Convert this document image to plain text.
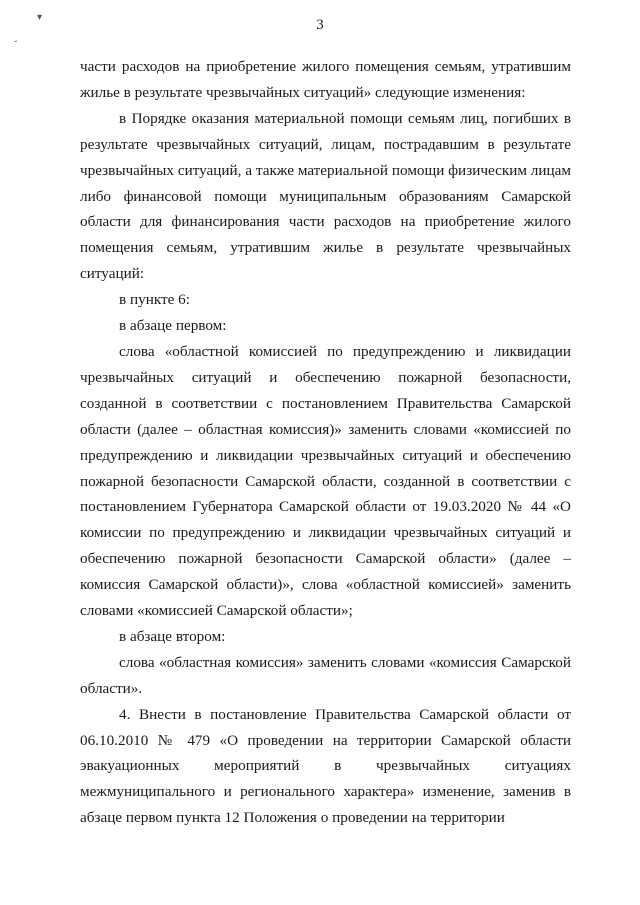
▾
ˇ
3

части расходов на приобретение жилого помещения семьям, утратившим жилье в результате чрезвычайных ситуаций» следующие изменения:

в Порядке оказания материальной помощи семьям лиц, погибших в результате чрезвычайных ситуаций, лицам, пострадавшим в результате чрезвычайных ситуаций, а также материальной помощи физическим лицам либо финансовой помощи муниципальным образованиям Самарской области для финансирования части расходов на приобретение жилого помещения семьям, утратившим жилье в результате чрезвычайных ситуаций:

в пункте 6:

в абзаце первом:

слова «областной комиссией по предупреждению и ликвидации чрезвычайных ситуаций и обеспечению пожарной безопасности, созданной в соответствии с постановлением Правительства Самарской области (далее – областная комиссия)» заменить словами «комиссией по предупреждению и ликвидации чрезвычайных ситуаций и обеспечению пожарной безопасности Самарской области, созданной в соответствии с постановлением Губернатора Самарской области от 19.03.2020 № 44 «О комиссии по предупреждению и ликвидации чрезвычайных ситуаций и обеспечению пожарной безопасности Самарской области» (далее – комиссия Самарской области)», слова «областной комиссией» заменить словами «комиссией Самарской области»;

в абзаце втором:

слова «областная комиссия» заменить словами «комиссия Самарской области».

4. Внести в постановление Правительства Самарской области от 06.10.2010 № 479 «О проведении на территории Самарской области эвакуационных мероприятий в чрезвычайных ситуациях межмуниципального и регионального характера» изменение, заменив в абзаце первом пункта 12 Положения о проведении на территории
